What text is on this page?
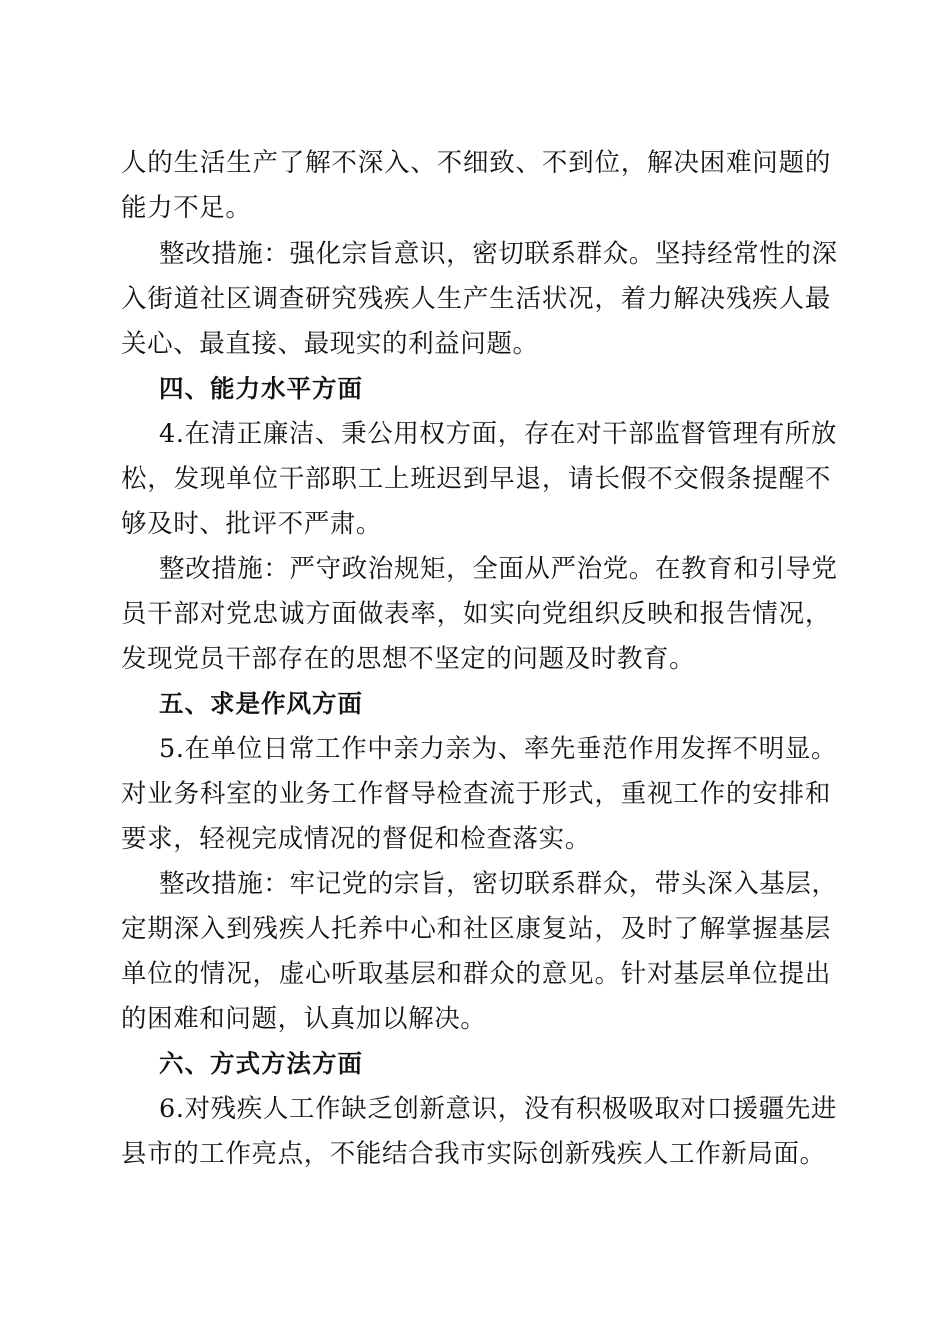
人的生活生产了解不深入、不细致、不到位，解决困难问题的
能力不足。
整改措施：强化宗旨意识，密切联系群众。坚持经常性的深
入街道社区调查研究残疾人生产生活状况，着力解决残疾人最
关心、最直接、最现实的利益问题。
四、能力水平方面
4.在清正廉洁、秉公用权方面，存在对干部监督管理有所放
松，发现单位干部职工上班迟到早退，请长假不交假条提醒不
够及时、批评不严肃。
整改措施：严守政治规矩，全面从严治党。在教育和引导党
员干部对党忠诚方面做表率，如实向党组织反映和报告情况，
发现党员干部存在的思想不坚定的问题及时教育。
五、求是作风方面
5.在单位日常工作中亲力亲为、率先垂范作用发挥不明显。
对业务科室的业务工作督导检查流于形式，重视工作的安排和
要求，轻视完成情况的督促和检查落实。
整改措施：牢记党的宗旨，密切联系群众，带头深入基层，
定期深入到残疾人托养中心和社区康复站，及时了解掌握基层
单位的情况，虚心听取基层和群众的意见。针对基层单位提出
的困难和问题，认真加以解决。
六、方式方法方面
6.对残疾人工作缺乏创新意识，没有积极吸取对口援疆先进
县市的工作亮点，不能结合我市实际创新残疾人工作新局面。
